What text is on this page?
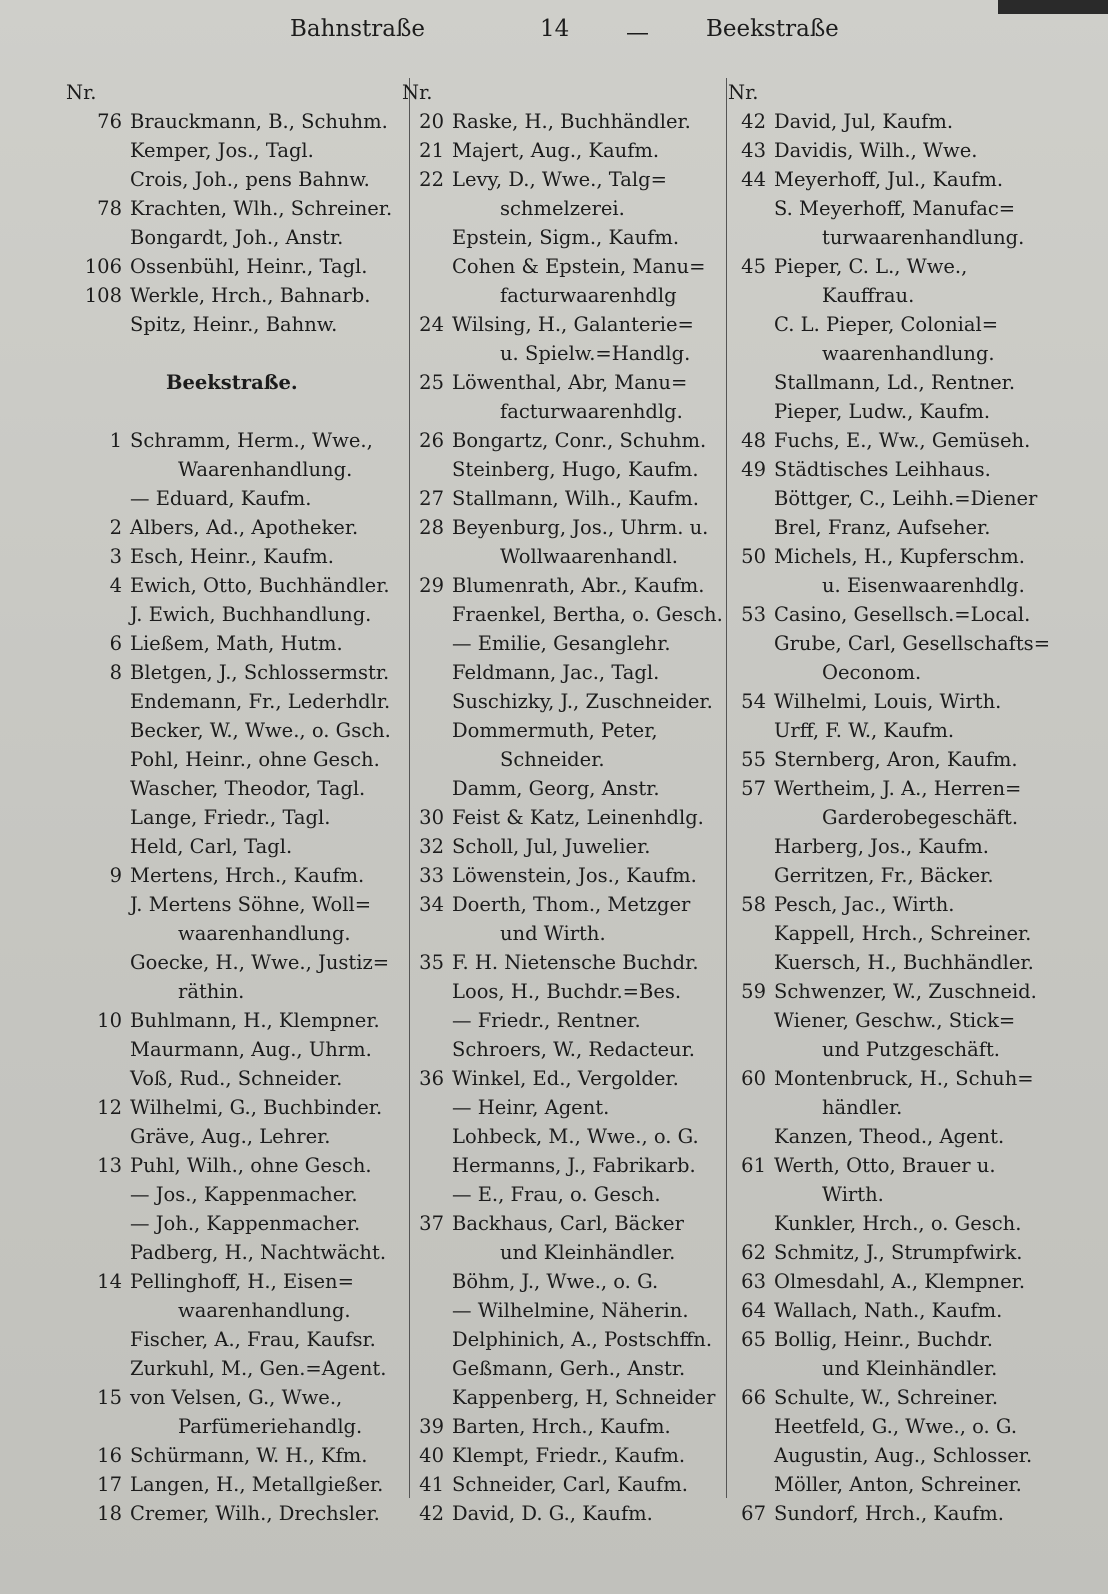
Bahnstraße	14 — Beekstraße
Nr.
76 Brauckmann, B., Schuhm.
Kemper, Jos., Tagl.
Crois, Joh., pens Bahnw.
78 Krachten, Wlh., Schreiner.
Bongardt, Joh., Anstr.
106 Ossenbühl, Heinr., Tagl.
108 Werkle, Hrch., Bahnarb.
Spitz, Heinr., Bahnw.
Beekstraße.
1 Schramm, Herm., Wwe.,
Waarenhandlung.
— Eduard, Kaufm.
2 Albers, Ad., Apotheker.
3 Esch, Heinr., Kaufm.
4 Ewich, Otto, Buchhändler.
J. Ewich, Buchhandlung.
6 Ließem, Math, Hutm.
8 Bletgen, J., Schlossermstr.
Endemann, Fr., Lederhdlr.
Becker, W., Wwe., o. Gsch.
Pohl, Heinr., ohne Gesch.
Wascher, Theodor, Tagl.
Lange, Friedr., Tagl.
Held, Carl, Tagl.
9 Mertens, Hrch., Kaufm.
J. Mertens Söhne, Woll=
waarenhandlung.
Goecke, H., Wwe., Justiz=
räthin.
10 Buhlmann, H., Klempner.
Maurmann, Aug., Uhrm.
Voß, Rud., Schneider.
12 Wilhelmi, G., Buchbinder.
Gräve, Aug., Lehrer.
13 Puhl, Wilh., ohne Gesch.
— Jos., Kappenmacher.
— Joh., Kappenmacher.
Padberg, H., Nachtwächt.
14 Pellinghoff, H., Eisen=
waarenhandlung.
Fischer, A., Frau, Kaufsr.
Zurkuhl, M., Gen.=Agent.
15 von Velsen, G., Wwe.,
Parfümeriehandlg.
16 Schürmann, W. H., Kfm.
17 Langen, H., Metallgießer.
18 Cremer, Wilh., Drechsler.
Nr.
20 Raske, H., Buchhändler.
21 Majert, Aug., Kaufm.
22 Levy, D., Wwe., Talg=
schmelzerei.
Epstein, Sigm., Kaufm.
Cohen & Epstein, Manu=
facturwaarenhdlg
24 Wilsing, H., Galanterie=
u. Spielw.=Handlg.
25 Löwenthal, Abr, Manu=
facturwaarenhdlg.
26 Bongartz, Conr., Schuhm.
Steinberg, Hugo, Kaufm.
27 Stallmann, Wilh., Kaufm.
28 Beyenburg, Jos., Uhrm. u.
Wollwaarenhandl.
29 Blumenrath, Abr., Kaufm.
Fraenkel, Bertha, o. Gesch.
— Emilie, Gesanglehr.
Feldmann, Jac., Tagl.
Suschizky, J., Zuschneider.
Dommermuth, Peter,
Schneider.
Damm, Georg, Anstr.
30 Feist & Katz, Leinenhdlg.
32 Scholl, Jul, Juwelier.
33 Löwenstein, Jos., Kaufm.
34 Doerth, Thom., Metzger
und Wirth.
35 F. H. Nietensche Buchdr.
Loos, H., Buchdr.=Bes.
— Friedr., Rentner.
Schroers, W., Redacteur.
36 Winkel, Ed., Vergolder.
— Heinr, Agent.
Lohbeck, M., Wwe., o. G.
Hermanns, J., Fabrikarb.
— E., Frau, o. Gesch.
37 Backhaus, Carl, Bäcker
und Kleinhändler.
Böhm, J., Wwe., o. G.
— Wilhelmine, Näherin.
Delphinich, A., Postschffn.
Geßmann, Gerh., Anstr.
Kappenberg, H, Schneider
39 Barten, Hrch., Kaufm.
40 Klempt, Friedr., Kaufm.
41 Schneider, Carl, Kaufm.
42 David, D. G., Kaufm.
Nr.
42 David, Jul, Kaufm.
43 Davidis, Wilh., Wwe.
44 Meyerhoff, Jul., Kaufm.
S. Meyerhoff, Manufac=
turwaarenhandlung.
45 Pieper, C. L., Wwe.,
Kauffrau.
C. L. Pieper, Colonial=
waarenhandlung.
Stallmann, Ld., Rentner.
Pieper, Ludw., Kaufm.
48 Fuchs, E., Ww., Gemüseh.
49 Städtisches Leihhaus.
Böttger, C., Leihh.=Diener
Brel, Franz, Aufseher.
50 Michels, H., Kupferschm.
u. Eisenwaarenhdlg.
53 Casino, Gesellsch.=Local.
Grube, Carl, Gesellschafts=
Oeconom.
54 Wilhelmi, Louis, Wirth.
Urff, F. W., Kaufm.
55 Sternberg, Aron, Kaufm.
57 Wertheim, J. A., Herren=
Garderobegeschäft.
Harberg, Jos., Kaufm.
Gerritzen, Fr., Bäcker.
58 Pesch, Jac., Wirth.
Kappell, Hrch., Schreiner.
Kuersch, H., Buchhändler.
59 Schwenzer, W., Zuschneid.
Wiener, Geschw., Stick=
und Putzgeschäft.
60 Montenbruck, H., Schuh=
händler.
Kanzen, Theod., Agent.
61 Werth, Otto, Brauer u.
Wirth.
Kunkler, Hrch., o. Gesch.
62 Schmitz, J., Strumpfwirk.
63 Olmesdahl, A., Klempner.
64 Wallach, Nath., Kaufm.
65 Bollig, Heinr., Buchdr.
und Kleinhändler.
66 Schulte, W., Schreiner.
Heetfeld, G., Wwe., o. G.
Augustin, Aug., Schlosser.
Möller, Anton, Schreiner.
67 Sundorf, Hrch., Kaufm.
